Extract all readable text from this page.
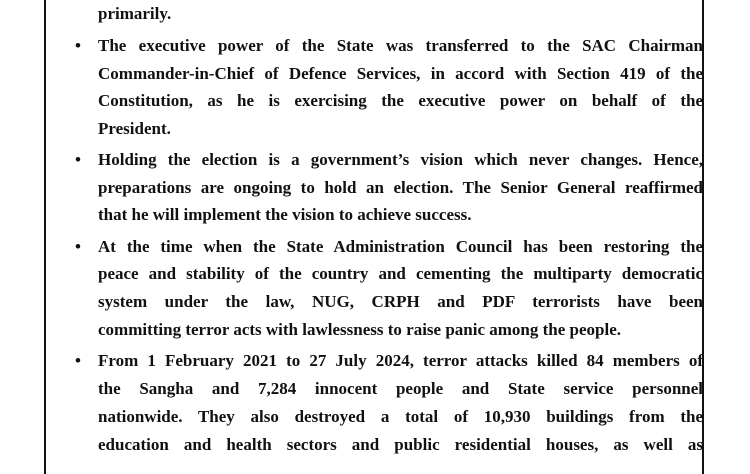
primarily.
• The executive power of the State was transferred to the SAC Chairman
Commander-in-Chief of Defence Services, in accord with Section 419 of the
Constitution, as he is exercising the executive power on behalf of the
President.
• Holding the election is a government’s vision which never changes. Hence,
preparations are ongoing to hold an election. The Senior General reaffirmed
that he will implement the vision to achieve success.
• At the time when the State Administration Council has been restoring the
peace and stability of the country and cementing the multiparty democratic
system under the law, NUG, CRPH and PDF terrorists have been
committing terror acts with lawlessness to raise panic among the people.
• From 1 February 2021 to 27 July 2024, terror attacks killed 84 members of
the Sangha and 7,284 innocent people and State service personnel
nationwide. They also destroyed a total of 10,930 buildings from the
education and health sectors and public residential houses, as well as
